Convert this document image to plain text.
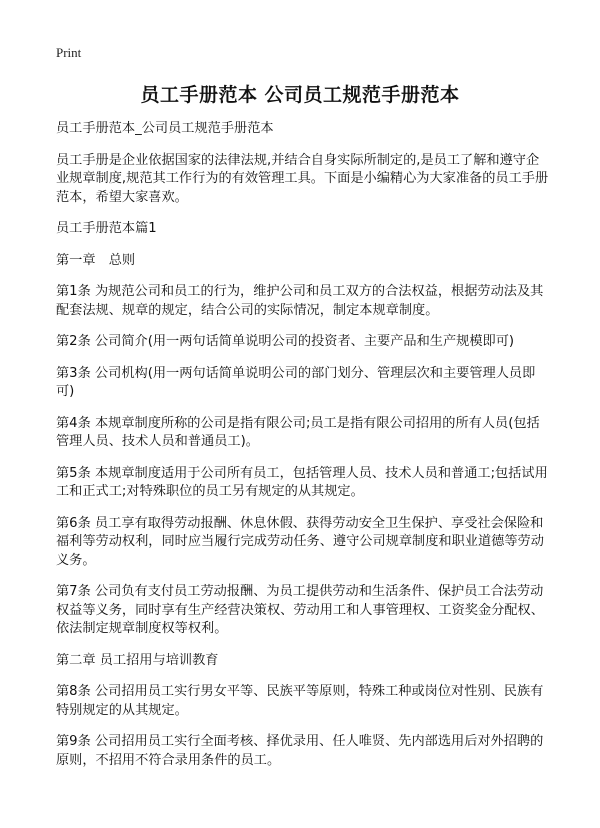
Print
员工手册范本 公司员工规范手册范本

员工手册范本_公司员工规范手册范本

员工手册是企业依据国家的法律法规,并结合自身实际所制定的,是员工了解和遵守企业规章制度,规范其工作行为的有效管理工具。下面是小编精心为大家准备的员工手册范本，希望大家喜欢。

员工手册范本篇1

第一章　总则

第1条 为规范公司和员工的行为，维护公司和员工双方的合法权益，根据劳动法及其配套法规、规章的规定，结合公司的实际情况，制定本规章制度。

第2条 公司简介(用一两句话简单说明公司的投资者、主要产品和生产规模即可)

第3条 公司机构(用一两句话简单说明公司的部门划分、管理层次和主要管理人员即可)

第4条 本规章制度所称的公司是指有限公司;员工是指有限公司招用的所有人员(包括管理人员、技术人员和普通员工)。

第5条 本规章制度适用于公司所有员工，包括管理人员、技术人员和普通工;包括试用工和正式工;对特殊职位的员工另有规定的从其规定。

第6条 员工享有取得劳动报酬、休息休假、获得劳动安全卫生保护、享受社会保险和福利等劳动权利，同时应当履行完成劳动任务、遵守公司规章制度和职业道德等劳动义务。

第7条 公司负有支付员工劳动报酬、为员工提供劳动和生活条件、保护员工合法劳动权益等义务，同时享有生产经营决策权、劳动用工和人事管理权、工资奖金分配权、依法制定规章制度权等权利。

第二章 员工招用与培训教育

第8条 公司招用员工实行男女平等、民族平等原则，特殊工种或岗位对性别、民族有特别规定的从其规定。

第9条 公司招用员工实行全面考核、择优录用、任人唯贤、先内部选用后对外招聘的原则，不招用不符合录用条件的员工。
